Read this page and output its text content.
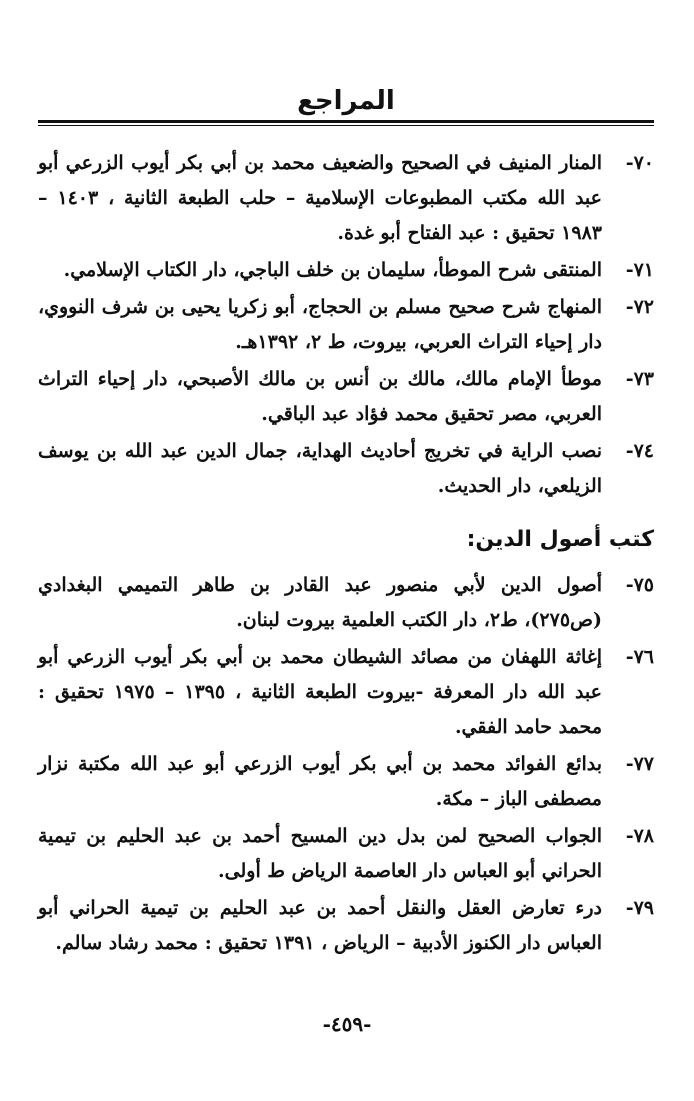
المراجع
٧٠-
المنار المنيف في الصحيح والضعيف محمد بن أبي بكر أيوب الزرعي أبو عبد الله مكتب المطبوعات الإسلامية – حلب الطبعة الثانية ، ١٤٠٣ – ١٩٨٣ تحقيق : عبد الفتاح أبو غدة.
٧١-
المنتقى شرح الموطأ، سليمان بن خلف الباجي، دار الكتاب الإسلامي.
٧٢-
المنهاج شرح صحيح مسلم بن الحجاج، أبو زكريا يحيى بن شرف النووي، دار إحياء التراث العربي، بيروت، ط ٢، ١٣٩٢هـ.
٧٣-
موطأ الإمام مالك، مالك بن أنس بن مالك الأصبحي، دار إحياء التراث العربي، مصر تحقيق محمد فؤاد عبد الباقي.
٧٤-
نصب الراية في تخريج أحاديث الهداية، جمال الدين عبد الله بن يوسف الزيلعي، دار الحديث.
كتب أصول الدين:
٧٥-
أصول الدين لأبي منصور عبد القادر بن طاهر التميمي البغدادي (ص٢٧٥)، ط٢، دار الكتب العلمية بيروت لبنان.
٧٦-
إغاثة اللهفان من مصائد الشيطان محمد بن أبي بكر أيوب الزرعي أبو عبد الله دار المعرفة -بيروت الطبعة الثانية ، ١٣٩٥ – ١٩٧٥ تحقيق : محمد حامد الفقي.
٧٧-
بدائع الفوائد محمد بن أبي بكر أيوب الزرعي أبو عبد الله مكتبة نزار مصطفى الباز – مكة.
٧٨-
الجواب الصحيح لمن بدل دين المسيح أحمد بن عبد الحليم بن تيمية الحراني أبو العباس دار العاصمة الرياض ط أولى.
٧٩-
درء تعارض العقل والنقل أحمد بن عبد الحليم بن تيمية الحراني أبو العباس دار الكنوز الأدبية – الرياض ، ١٣٩١ تحقيق : محمد رشاد سالم.
-٤٥٩-
